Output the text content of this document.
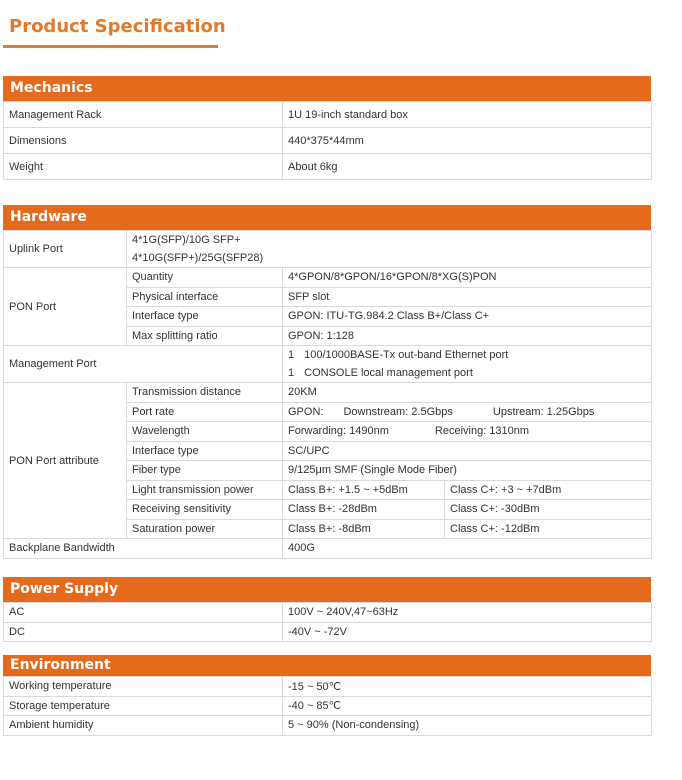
Product Specification
Mechanics
Management Rack	1U 19-inch standard box
Dimensions	440*375*44mm
Weight	About 6kg
Hardware
Uplink Port	4*1G(SFP)/10G SFP+
4*10G(SFP+)/25G(SFP28)		

PON Port	Quantity	4*GPON/8*GPON/16*GPON/8*XG(S)PON	
	Physical interface	SFP slot	
	Interface type	GPON: ITU-TG.984.2 Class B+/Class C+	
	Max splitting ratio	GPON: 1:128	
Management Port		1 100/1000BASE-Tx out-band Ethernet port
1 CONSOLE local management port	

PON Port attribute	Transmission distance	20KM	
	Port rate	GPON: Downstream: 2.5Gbps Upstream: 1.25Gbps	
	Wavelength	Forwarding: 1490nm Receiving: 1310nm	
	Interface type	SC/UPC	
	Fiber type	9/125μm SMF (Single Mode Fiber)	
	Light transmission power	Class B+: +1.5 ~ +5dBm	Class C+: +3 ~ +7dBm
	Receiving sensitivity	Class B+: -28dBm	Class C+: -30dBm
	Saturation power	Class B+: -8dBm	Class C+: -12dBm
Backplane Bandwidth		400G	
Power Supply
AC	100V ~ 240V,47~63Hz
DC	-40V ~ -72V
Environment
Working temperature	-15 ~ 50℃
Storage temperature	-40 ~ 85℃
Ambient humidity	5 ~ 90% (Non-condensing)
